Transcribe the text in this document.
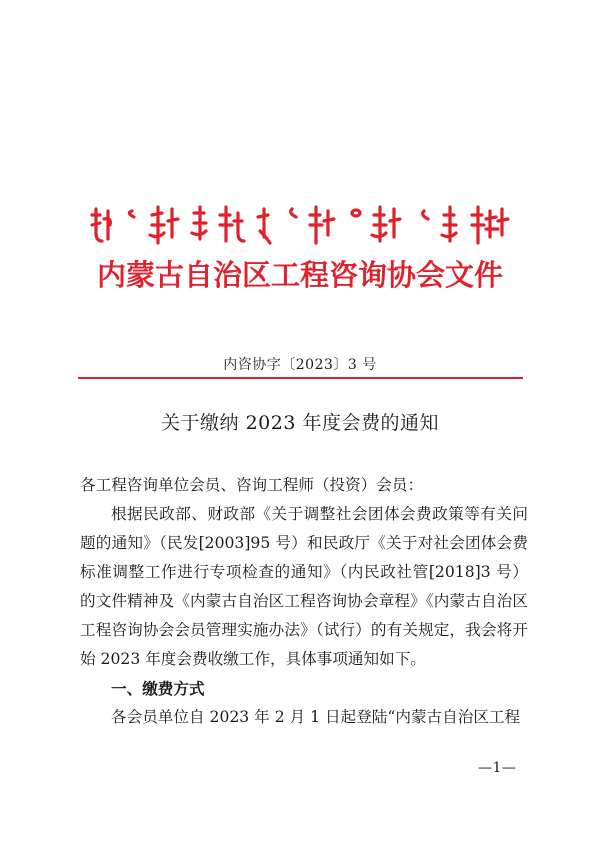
内蒙古自治区工程咨询协会文件
内咨协字〔2023〕3 号
关于缴纳 2023 年度会费的通知

各工程咨询单位会员、咨询工程师（投资）会员：

根据民政部、财政部《关于调整社会团体会费政策等有关问题的通知》（民发[2003]95 号）和民政厅《关于对社会团体会费标准调整工作进行专项检查的通知》（内民政社管[2018]3 号）的文件精神及《内蒙古自治区工程咨询协会章程》《内蒙古自治区工程咨询协会会员管理实施办法》（试行）的有关规定，我会将开始 2023 年度会费收缴工作，具体事项通知如下。

一、缴费方式

各会员单位自 2023 年 2 月 1 日起登陆“内蒙古自治区工程

—1—
